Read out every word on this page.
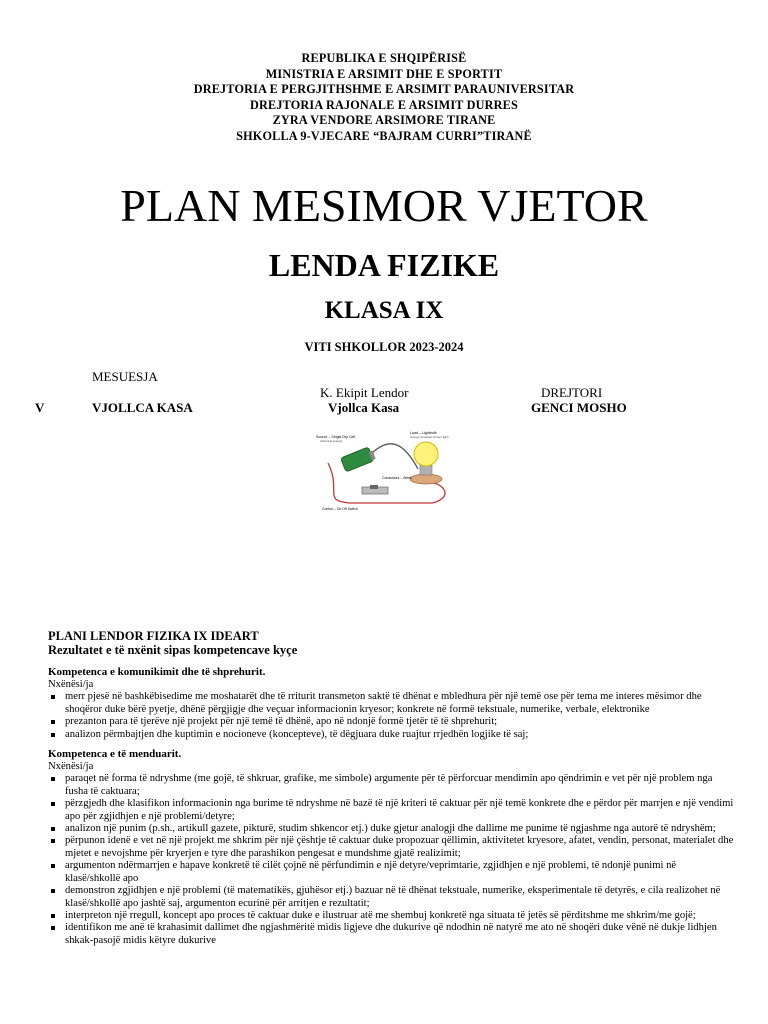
REPUBLIKA E SHQIPËRISË
MINISTRIA E ARSIMIT DHE E SPORTIT
DREJTORIA E PERGJITHSHME E ARSIMIT PARAUNIVERSITAR
DREJTORIA RAJONALE E ARSIMIT DURRES
ZYRA VENDORE ARSIMORE TIRANE
SHKOLLA 9-VJECARE “BAJRAM CURRI”TIRANË
PLAN MESIMOR VJETOR
LENDA FIZIKE
KLASA IX
VITI SHKOLLOR 2023-2024
MESUESJA
K. Ekipit Lendor	DREJTORI
V	VJOLLCA KASA	Vjollca Kasa	GENCI MOSHO
Source – Single Dry Cell
(chemical energy)
Load – Lightbulb
(energy conversion to heat / light)
Conductors – Wires
Control – On-Off Switch
PLANI LENDOR FIZIKA IX IDEART
Rezultatet e të nxënit sipas kompetencave kyçe
Kompetenca e komunikimit dhe të shprehurit.
Nxënësi/ja
merr pjesë në bashkëbisedime me moshatarët dhe të rriturit transmeton saktë të dhënat e mbledhura për një temë ose për tema me interes mësimor dhe shoqëror duke bërë pyetje, dhënë përgjigje dhe veçuar informacionin kryesor; konkrete në formë tekstuale, numerike, verbale, elektronike
prezanton para të tjerëve një projekt për një temë të dhënë, apo në ndonjë formë tjetër të të shprehurit;
analizon përmbajtjen dhe kuptimin e nocioneve (koncepteve), të dëgjuara duke ruajtur rrjedhën logjike të saj;
Kompetenca e të menduarit.
Nxënësi/ja
paraqet në forma të ndryshme (me gojë, të shkruar, grafike, me simbole) argumente për të përforcuar mendimin apo qëndrimin e vet për një problem nga fusha të caktuara;
përzgjedh dhe klasifikon informacionin nga burime të ndryshme në bazë të një kriteri të caktuar për një temë konkrete dhe e përdor për marrjen e një vendimi apo për zgjidhjen e një problemi/detyre;
analizon një punim (p.sh., artikull gazete, pikturë, studim shkencor etj.) duke gjetur analogji dhe dallime me punime të ngjashme nga autorë të ndryshëm;
përpunon idenë e vet në një projekt me shkrim për një çështje të caktuar duke propozuar qëllimin, aktivitetet kryesore, afatet, vendin, personat, materialet dhe mjetet e nevojshme për kryerjen e tyre dhe parashikon pengesat e mundshme gjatë realizimit;
argumenton ndërmarrjen e hapave konkretë të cilët çojnë në përfundimin e një detyre/veprimtarie, zgjidhjen e një problemi, të ndonjë punimi në klasë/shkollë apo
demonstron zgjidhjen e një problemi (të matematikës, gjuhësor etj.) bazuar në të dhënat tekstuale, numerike, eksperimentale të detyrës, e cila realizohet në klasë/shkollë apo jashtë saj, argumenton ecurinë për arritjen e rezultatit;
interpreton një rregull, koncept apo proces të caktuar duke e ilustruar atë me shembuj konkretë nga situata të jetës së përditshme me shkrim/me gojë;
identifikon me anë të krahasimit dallimet dhe ngjashmëritë midis ligjeve dhe dukurive që ndodhin në natyrë me ato në shoqëri duke vënë në dukje lidhjen shkak-pasojë midis këtyre dukurive
